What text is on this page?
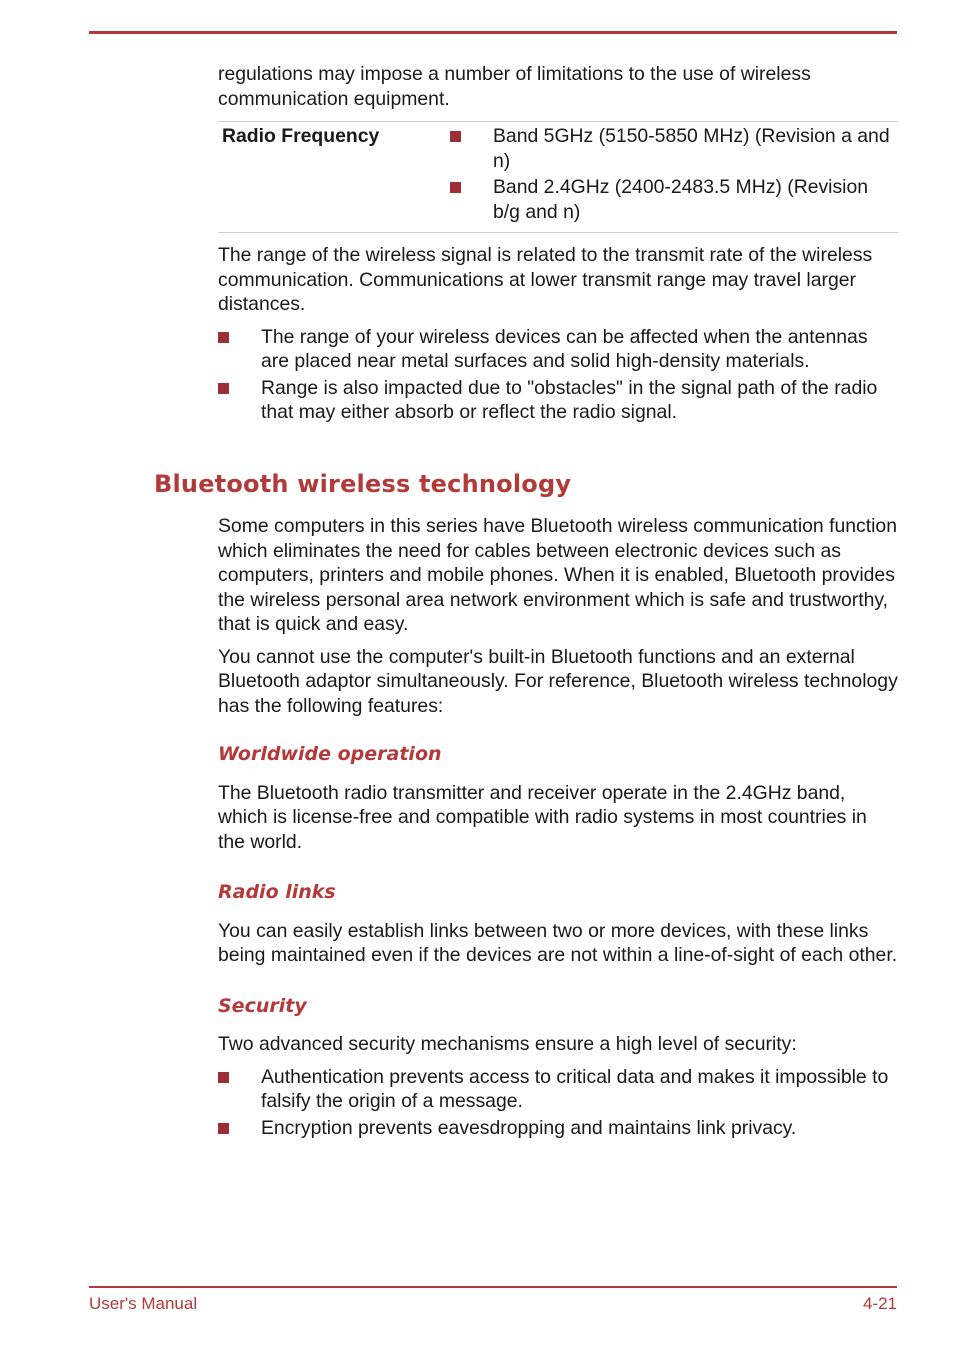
regulations may impose a number of limitations to the use of wireless communication equipment.

Radio Frequency	Band 5GHz (5150-5850 MHz) (Revision a and n)
Band 2.4GHz (2400-2483.5 MHz) (Revision b/g and n)

The range of the wireless signal is related to the transmit rate of the wireless communication. Communications at lower transmit range may travel larger distances.

The range of your wireless devices can be affected when the antennas are placed near metal surfaces and solid high-density materials.
Range is also impacted due to "obstacles" in the signal path of the radio that may either absorb or reflect the radio signal.
Bluetooth wireless technology

Some computers in this series have Bluetooth wireless communication function which eliminates the need for cables between electronic devices such as computers, printers and mobile phones. When it is enabled, Bluetooth provides the wireless personal area network environment which is safe and trustworthy, that is quick and easy.

You cannot use the computer's built-in Bluetooth functions and an external Bluetooth adaptor simultaneously. For reference, Bluetooth wireless technology has the following features:

Worldwide operation

The Bluetooth radio transmitter and receiver operate in the 2.4GHz band, which is license-free and compatible with radio systems in most countries in the world.

Radio links

You can easily establish links between two or more devices, with these links being maintained even if the devices are not within a line-of-sight of each other.

Security

Two advanced security mechanisms ensure a high level of security:

Authentication prevents access to critical data and makes it impossible to falsify the origin of a message.
Encryption prevents eavesdropping and maintains link privacy.
User's Manual	4-21
